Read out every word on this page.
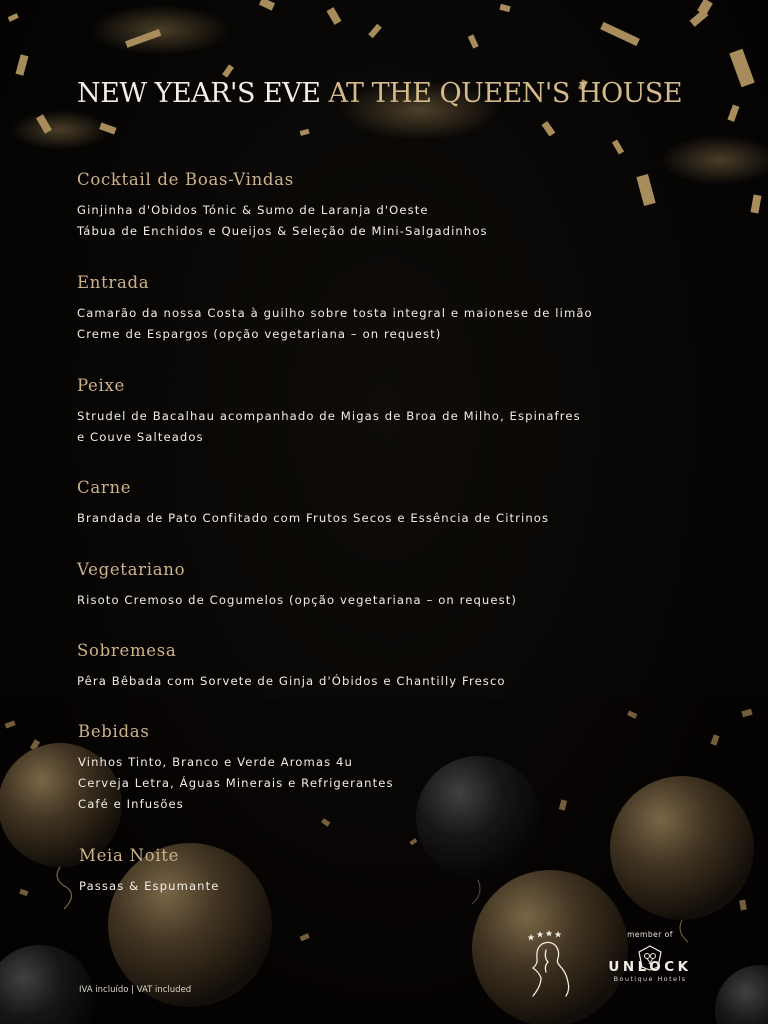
NEW YEAR'S EVE AT THE QUEEN'S HOUSE
Cocktail de Boas-Vindas
Ginjinha d'Obidos Tónic & Sumo de Laranja d'Oeste
Tábua de Enchidos e Queijos & Seleção de Mini-Salgadinhos
Entrada
Camarão da nossa Costa à guilho sobre tosta integral e maionese de limão
Creme de Espargos (opção vegetariana – on request)
Peixe
Strudel de Bacalhau acompanhado de Migas de Broa de Milho, Espinafres
e Couve Salteados
Carne
Brandada de Pato Confitado com Frutos Secos e Essência de Citrinos
Vegetariano
Risoto Cremoso de Cogumelos (opção vegetariana – on request)
Sobremesa
Pêra Bêbada com Sorvete de Ginja d'Óbidos e Chantilly Fresco
Bebidas
Vinhos Tinto, Branco e Verde Aromas 4u
Cerveja Letra, Águas Minerais e Refrigerantes
Café e Infusões
Meia Noite
Passas & Espumante
IVA incluído | VAT included
member of
UNLOCK
Boutique Hotels
